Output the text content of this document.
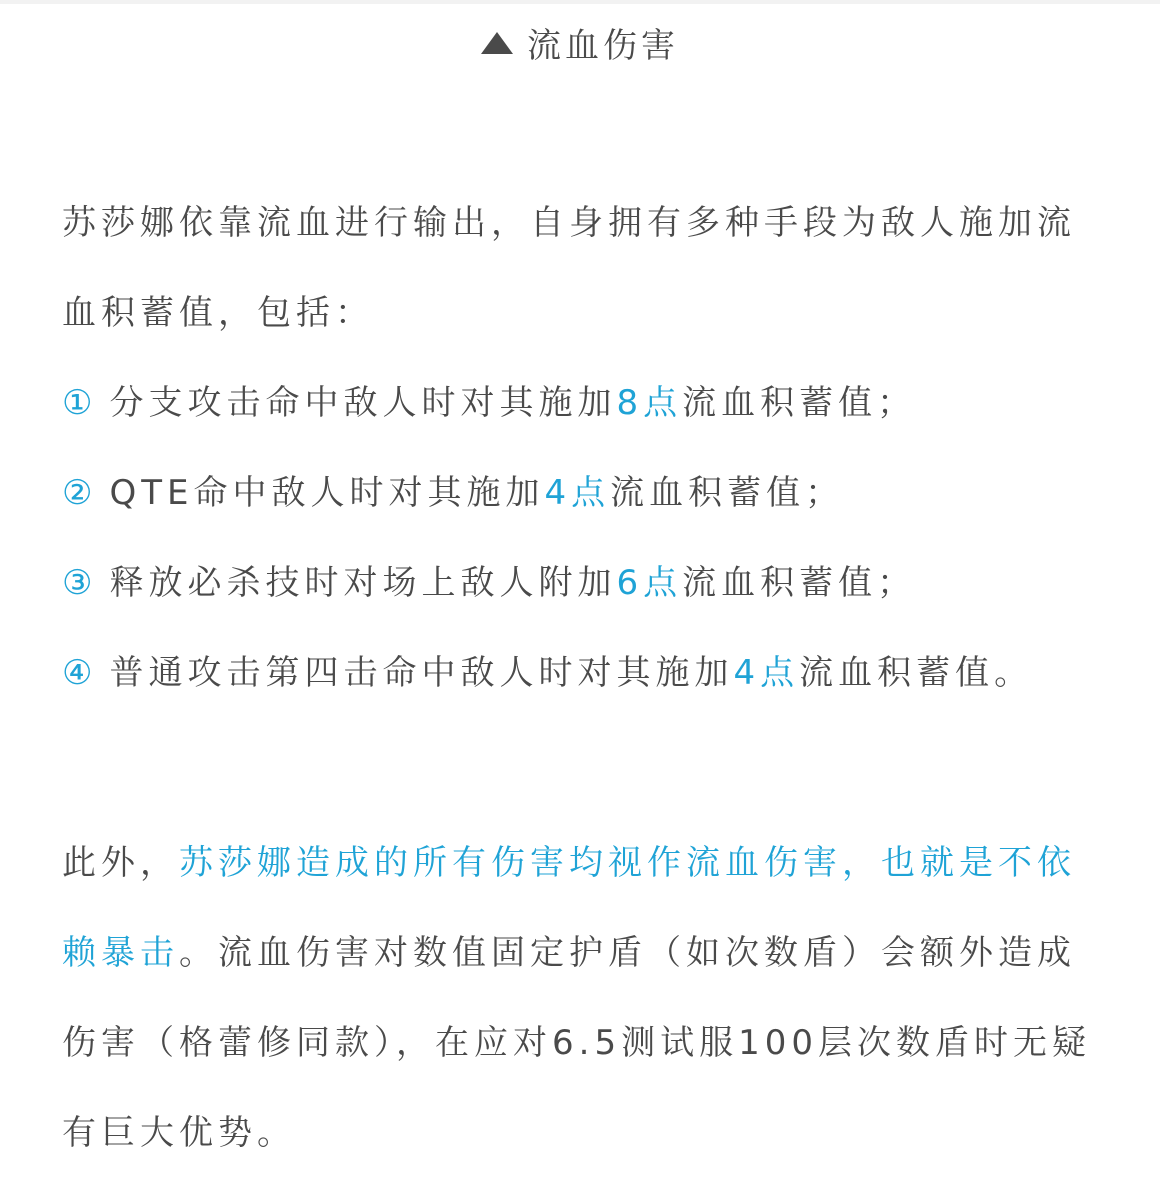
流血伤害

苏莎娜依靠流血进行输出，自身拥有多种手段为敌人施加流血积蓄值，包括：

① 分支攻击命中敌人时对其施加8点流血积蓄值；
② QTE命中敌人时对其施加4点流血积蓄值；
③ 释放必杀技时对场上敌人附加6点流血积蓄值；
④ 普通攻击第四击命中敌人时对其施加4点流血积蓄值。

此外，苏莎娜造成的所有伤害均视作流血伤害，也就是不依赖暴击。流血伤害对数值固定护盾（如次数盾）会额外造成伤害（格蕾修同款），在应对6.5测试服100层次数盾时无疑有巨大优势。
